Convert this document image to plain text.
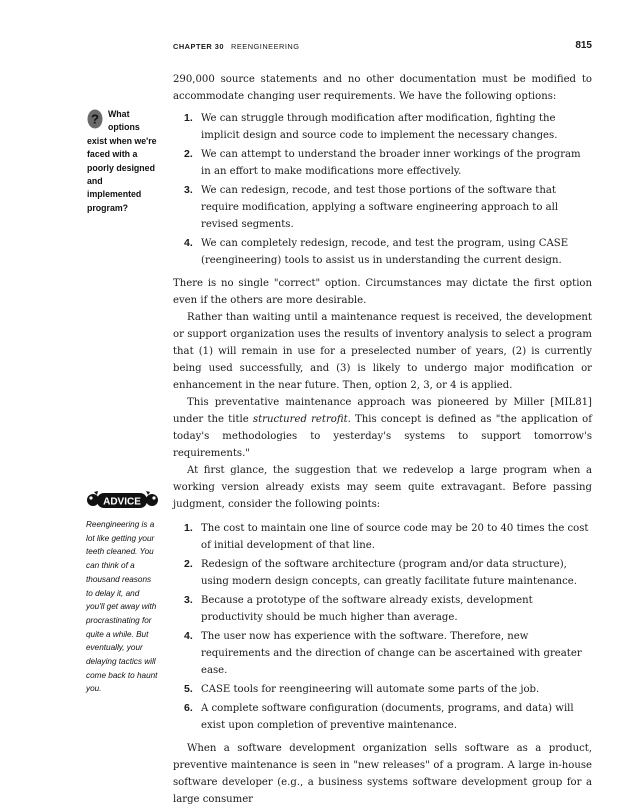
CHAPTER 30 REENGINEERING	815
? What options exist when we're faced with a poorly designed and implemented program?
ADVICE
Reengineering is a lot like getting your teeth cleaned. You can think of a thousand reasons to delay it, and you'll get away with procrastinating for quite a while. But eventually, your delaying tactics will come back to haunt you.

290,000 source statements and no other documentation must be modified to accommodate changing user requirements. We have the following options:

1. We can struggle through modification after modification, fighting the implicit design and source code to implement the necessary changes.
2. We can attempt to understand the broader inner workings of the program in an effort to make modifications more effectively.
3. We can redesign, recode, and test those portions of the software that require modification, applying a software engineering approach to all revised segments.
4. We can completely redesign, recode, and test the program, using CASE (reengineering) tools to assist us in understanding the current design.

There is no single "correct" option. Circumstances may dictate the first option even if the others are more desirable.

Rather than waiting until a maintenance request is received, the development or support organization uses the results of inventory analysis to select a program that (1) will remain in use for a preselected number of years, (2) is currently being used successfully, and (3) is likely to undergo major modification or enhancement in the near future. Then, option 2, 3, or 4 is applied.

This preventative maintenance approach was pioneered by Miller [MIL81] under the title structured retrofit. This concept is defined as "the application of today's methodologies to yesterday's systems to support tomorrow's requirements."

At first glance, the suggestion that we redevelop a large program when a working version already exists may seem quite extravagant. Before passing judgment, consider the following points:

1. The cost to maintain one line of source code may be 20 to 40 times the cost of initial development of that line.
2. Redesign of the software architecture (program and/or data structure), using modern design concepts, can greatly facilitate future maintenance.
3. Because a prototype of the software already exists, development productivity should be much higher than average.
4. The user now has experience with the software. Therefore, new requirements and the direction of change can be ascertained with greater ease.
5. CASE tools for reengineering will automate some parts of the job.
6. A complete software configuration (documents, programs, and data) will exist upon completion of preventive maintenance.

When a software development organization sells software as a product, preventive maintenance is seen in "new releases" of a program. A large in-house software developer (e.g., a business systems software development group for a large consumer
